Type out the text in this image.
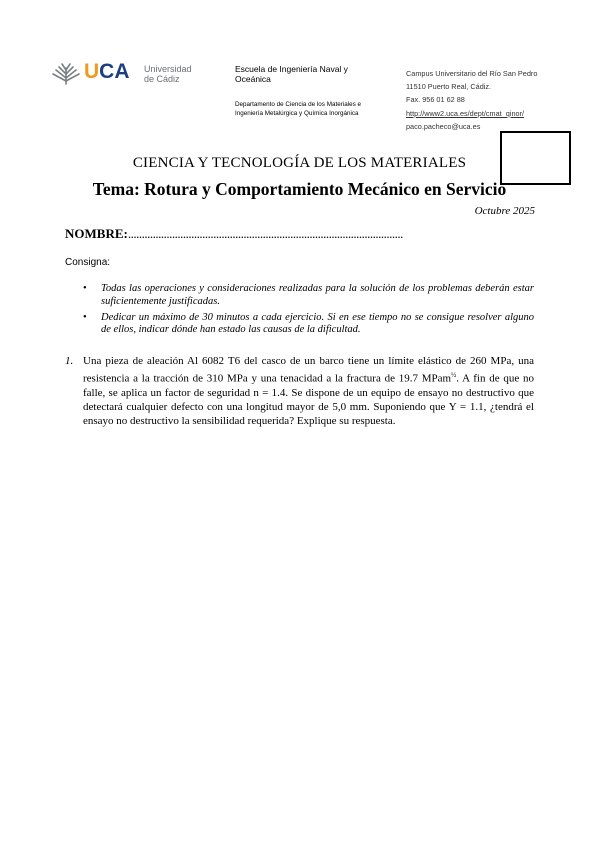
UCA Universidad
de Cádiz
Escuela de Ingeniería Naval y
Oceánica
Departamento de Ciencia de los Materiales e
Ingeniería Metalúrgica y Química Inorgánica
Campus Universitario del Río San Pedro
11510 Puerto Real, Cádiz.
Fax. 956 01 62 88
http://www2.uca.es/dept/cmat_qinor/
paco.pacheco@uca.es
CIENCIA Y TECNOLOGÍA DE LOS MATERIALES
Tema: Rotura y Comportamiento Mecánico en Servicio
Octubre 2025
NOMBRE:....................................................................................................
Consigna:
• Todas las operaciones y consideraciones realizadas para la solución de los problemas deberán estar suficientemente justificadas.
• Dedicar un máximo de 30 minutos a cada ejercicio. Si en ese tiempo no se consigue resolver alguno de ellos, indicar dónde han estado las causas de la dificultad.
1. Una pieza de aleación Al 6082 T6 del casco de un barco tiene un límite elástico de 260 MPa, una resistencia a la tracción de 310 MPa y una tenacidad a la fractura de 19.7 MPam$^{\frac{1}{2}}$. A fin de que no falle, se aplica un factor de seguridad n = 1.4. Se dispone de un equipo de ensayo no destructivo que detectará cualquier defecto con una longitud mayor de 5,0 mm. Suponiendo que Y = 1.1, ¿tendrá el ensayo no destructivo la sensibilidad requerida? Explique su respuesta.
